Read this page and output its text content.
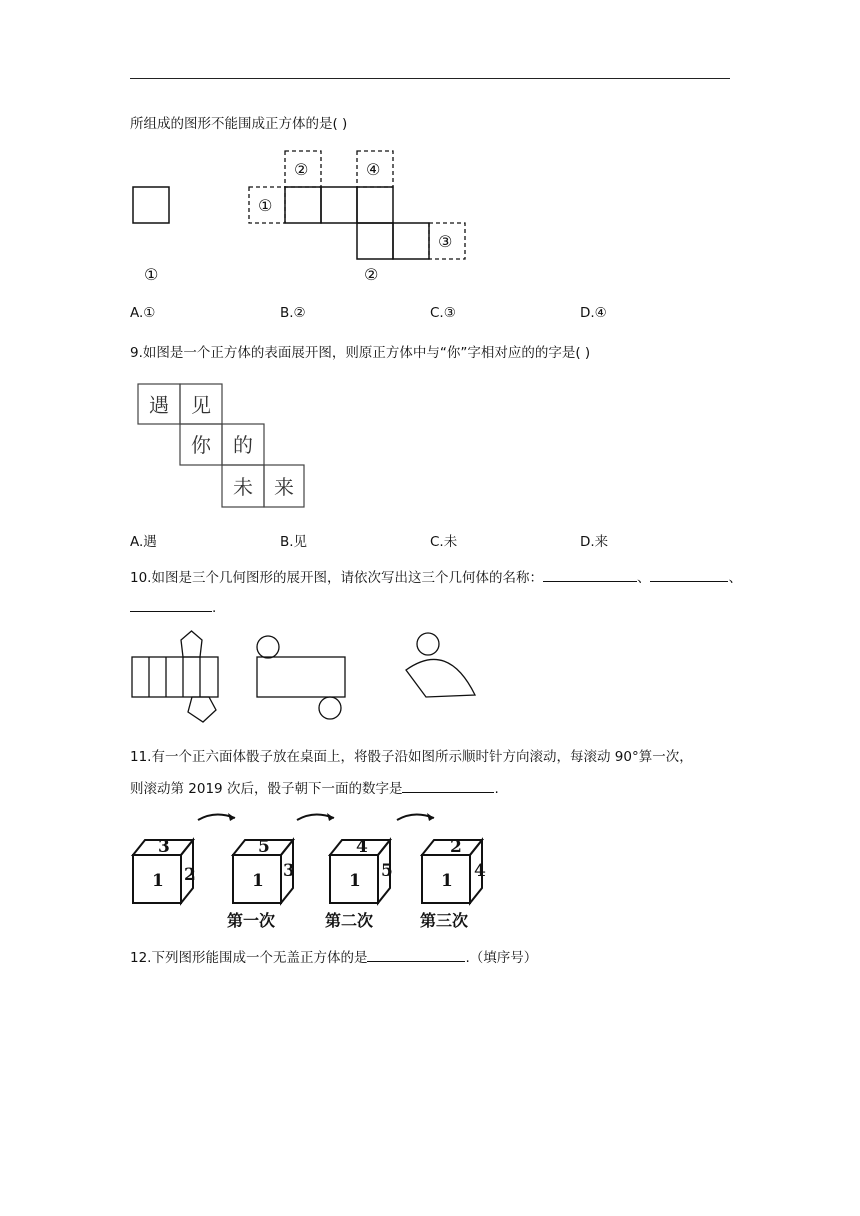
所组成的图形不能围成正方体的是( )
①
①
②
③
④
②
A.①	B.②	C.③	D.④
9.如图是一个正方体的表面展开图，则原正方体中与“你”字相对应的的字是( )
遇 见
你 的
未 来
A.遇	B.见	C.未	D.来
10.如图是三个几何图形的展开图，请依次写出这三个几何体的名称：	、	、
.
11.有一个正六面体骰子放在桌面上，将骰子沿如图所示顺时针方向滚动，每滚动 90°算一次，
则滚动第 2019 次后，骰子朝下一面的数字是	.
3
1 2
5
1 3
第一次
4
1 5
第二次
2
1 4
第三次
12.下列图形能围成一个无盖正方体的是	.（填序号）
